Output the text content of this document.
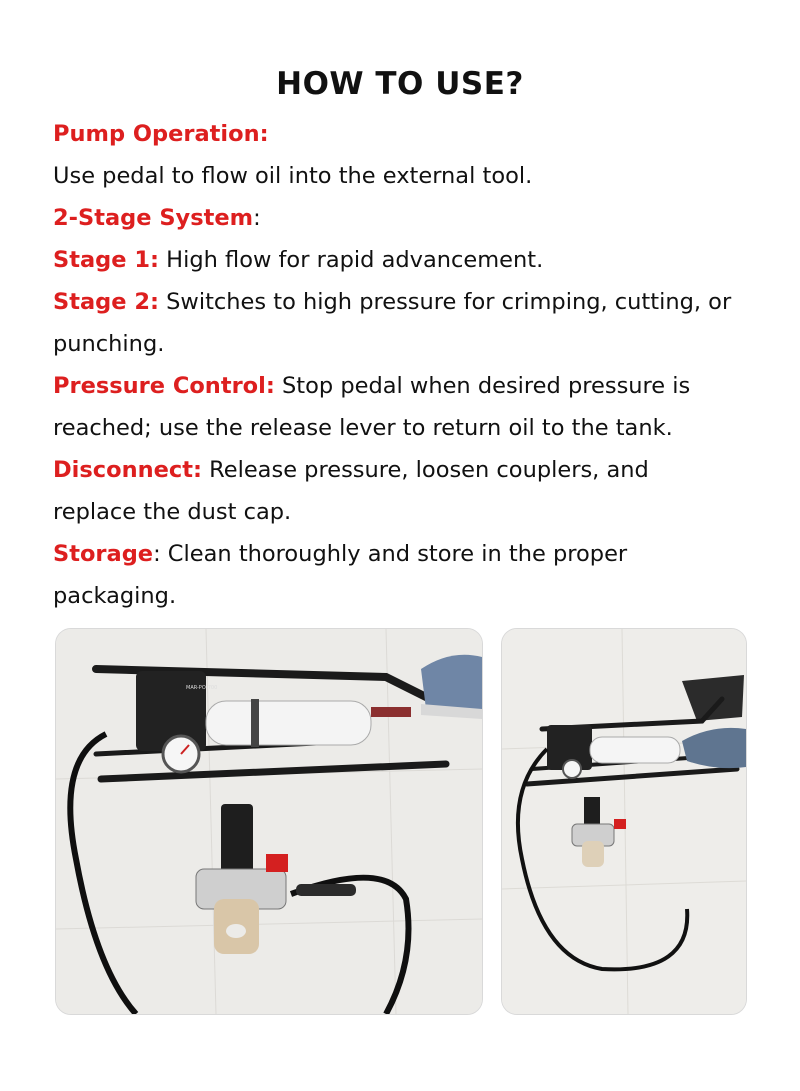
HOW TO USE?
Pump Operation:
Use pedal to flow oil into the external tool.
2-Stage System:
Stage 1: High flow for rapid advancement.
Stage 2: Switches to high pressure for crimping, cutting, or
punching.
Pressure Control: Stop pedal when desired pressure is
reached; use the release lever to return oil to the tank.
Disconnect: Release pressure, loosen couplers, and
replace the dust cap.
Storage: Clean thoroughly and store in the proper
packaging.
MAR-PO-700
